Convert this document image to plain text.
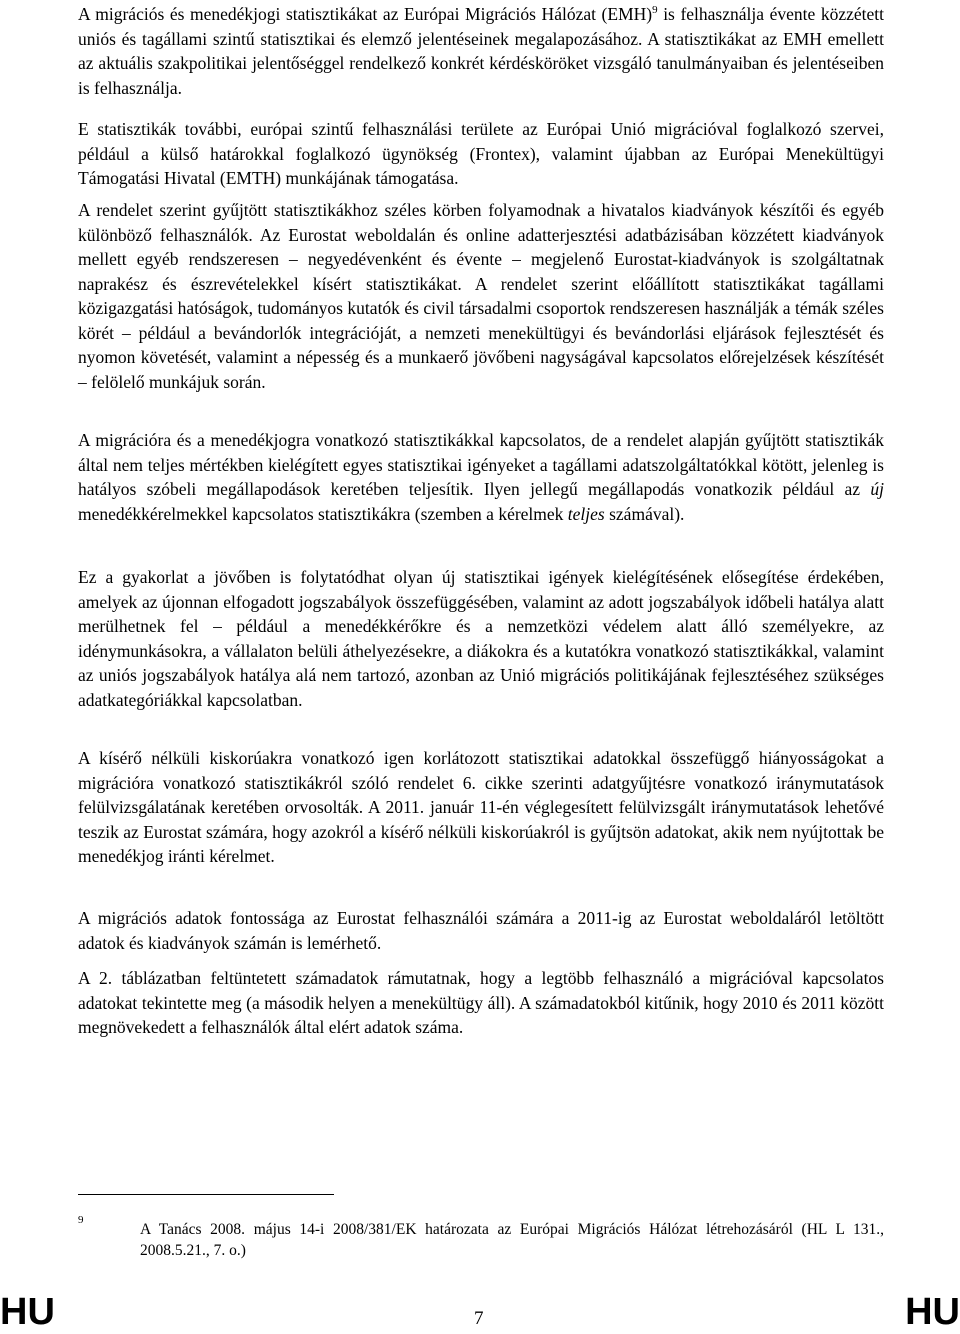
A migrációs és menedékjogi statisztikákat az Európai Migrációs Hálózat (EMH)$^9$ is felhasználja évente közzétett uniós és tagállami szintű statisztikai és elemző jelentéseinek megalapozásához. A statisztikákat az EMH emellett az aktuális szakpolitikai jelentőséggel rendelkező konkrét kérdésköröket vizsgáló tanulmányaiban és jelentéseiben is felhasználja.

E statisztikák további, európai szintű felhasználási területe az Európai Unió migrációval foglalkozó szervei, például a külső határokkal foglalkozó ügynökség (Frontex), valamint újabban az Európai Menekültügyi Támogatási Hivatal (EMTH) munkájának támogatása.

A rendelet szerint gyűjtött statisztikákhoz széles körben folyamodnak a hivatalos kiadványok készítői és egyéb különböző felhasználók. Az Eurostat weboldalán és online adatterjesztési adatbázisában közzétett kiadványok mellett egyéb rendszeresen – negyedévenként és évente – megjelenő Eurostat-kiadványok is szolgáltatnak naprakész és észrevételekkel kísért statisztikákat. A rendelet szerint előállított statisztikákat tagállami közigazgatási hatóságok, tudományos kutatók és civil társadalmi csoportok rendszeresen használják a témák széles körét – például a bevándorlók integrációját, a nemzeti menekültügyi és bevándorlási eljárások fejlesztését és nyomon követését, valamint a népesség és a munkaerő jövőbeni nagyságával kapcsolatos előrejelzések készítését – felölelő munkájuk során.

A migrációra és a menedékjogra vonatkozó statisztikákkal kapcsolatos, de a rendelet alapján gyűjtött statisztikák által nem teljes mértékben kielégített egyes statisztikai igényeket a tagállami adatszolgáltatókkal kötött, jelenleg is hatályos szóbeli megállapodások keretében teljesítik. Ilyen jellegű megállapodás vonatkozik például az új menedékkérelmekkel kapcsolatos statisztikákra (szemben a kérelmek teljes számával).

Ez a gyakorlat a jövőben is folytatódhat olyan új statisztikai igények kielégítésének elősegítése érdekében, amelyek az újonnan elfogadott jogszabályok összefüggésében, valamint az adott jogszabályok időbeli hatálya alatt merülhetnek fel – például a menedékkérőkre és a nemzetközi védelem alatt álló személyekre, az idénymunkásokra, a vállalaton belüli áthelyezésekre, a diákokra és a kutatókra vonatkozó statisztikákkal, valamint az uniós jogszabályok hatálya alá nem tartozó, azonban az Unió migrációs politikájának fejlesztéséhez szükséges adatkategóriákkal kapcsolatban.

A kísérő nélküli kiskorúakra vonatkozó igen korlátozott statisztikai adatokkal összefüggő hiányosságokat a migrációra vonatkozó statisztikákról szóló rendelet 6. cikke szerinti adatgyűjtésre vonatkozó iránymutatások felülvizsgálatának keretében orvosolták. A 2011. január 11-én véglegesített felülvizsgált iránymutatások lehetővé teszik az Eurostat számára, hogy azokról a kísérő nélküli kiskorúakról is gyűjtsön adatokat, akik nem nyújtottak be menedékjog iránti kérelmet.

A migrációs adatok fontossága az Eurostat felhasználói számára a 2011-ig az Eurostat weboldaláról letöltött adatok és kiadványok számán is lemérhető.

A 2. táblázatban feltüntetett számadatok rámutatnak, hogy a legtöbb felhasználó a migrációval kapcsolatos adatokat tekintette meg (a második helyen a menekültügy áll). A számadatokból kitűnik, hogy 2010 és 2011 között megnövekedett a felhasználók által elért adatok száma.

9
A Tanács 2008. május 14-i 2008/381/EK határozata az Európai Migrációs Hálózat létrehozásáról (HL L 131., 2008.5.21., 7. o.)
HU	7	HU
